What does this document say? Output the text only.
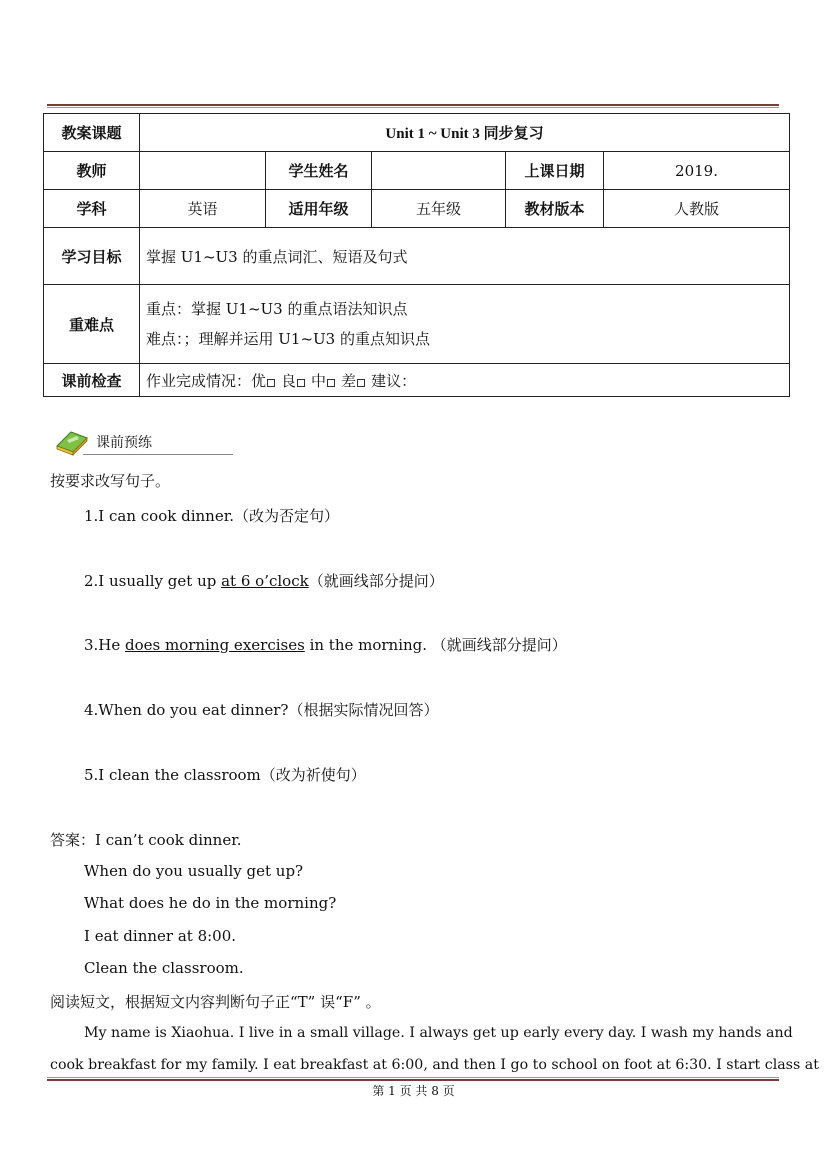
教案课题	Unit 1 ~ Unit 3 同步复习				
教师		学生姓名		上课日期	2019.
学科	英语	适用年级	五年级	教材版本	人教版
学习目标	掌握 U1~U3 的重点词汇、短语及句式				
重难点	重点：掌握 U1~U3 的重点语法知识点
难点：；理解并运用 U1~U3 的重点知识点				

课前检查	作业完成情况：优 良 中 差 建议：				
课前预练
按要求改写句子。
1.I can cook dinner.（改为否定句）
2.I usually get up at 6 o’clock（就画线部分提问）
3.He does morning exercises in the morning. （就画线部分提问）
4.When do you eat dinner?（根据实际情况回答）
5.I clean the classroom（改为祈使句）
答案：I can’t cook dinner.
When do you usually get up?
What does he do in the morning?
I eat dinner at 8:00.
Clean the classroom.
阅读短文，根据短文内容判断句子正“T” 误“F” 。
My name is Xiaohua. I live in a small village. I always get up early every day. I wash my hands and
cook breakfast for my family. I eat breakfast at 6:00, and then I go to school on foot at 6:30. I start class at
第 1 页 共 8 页
